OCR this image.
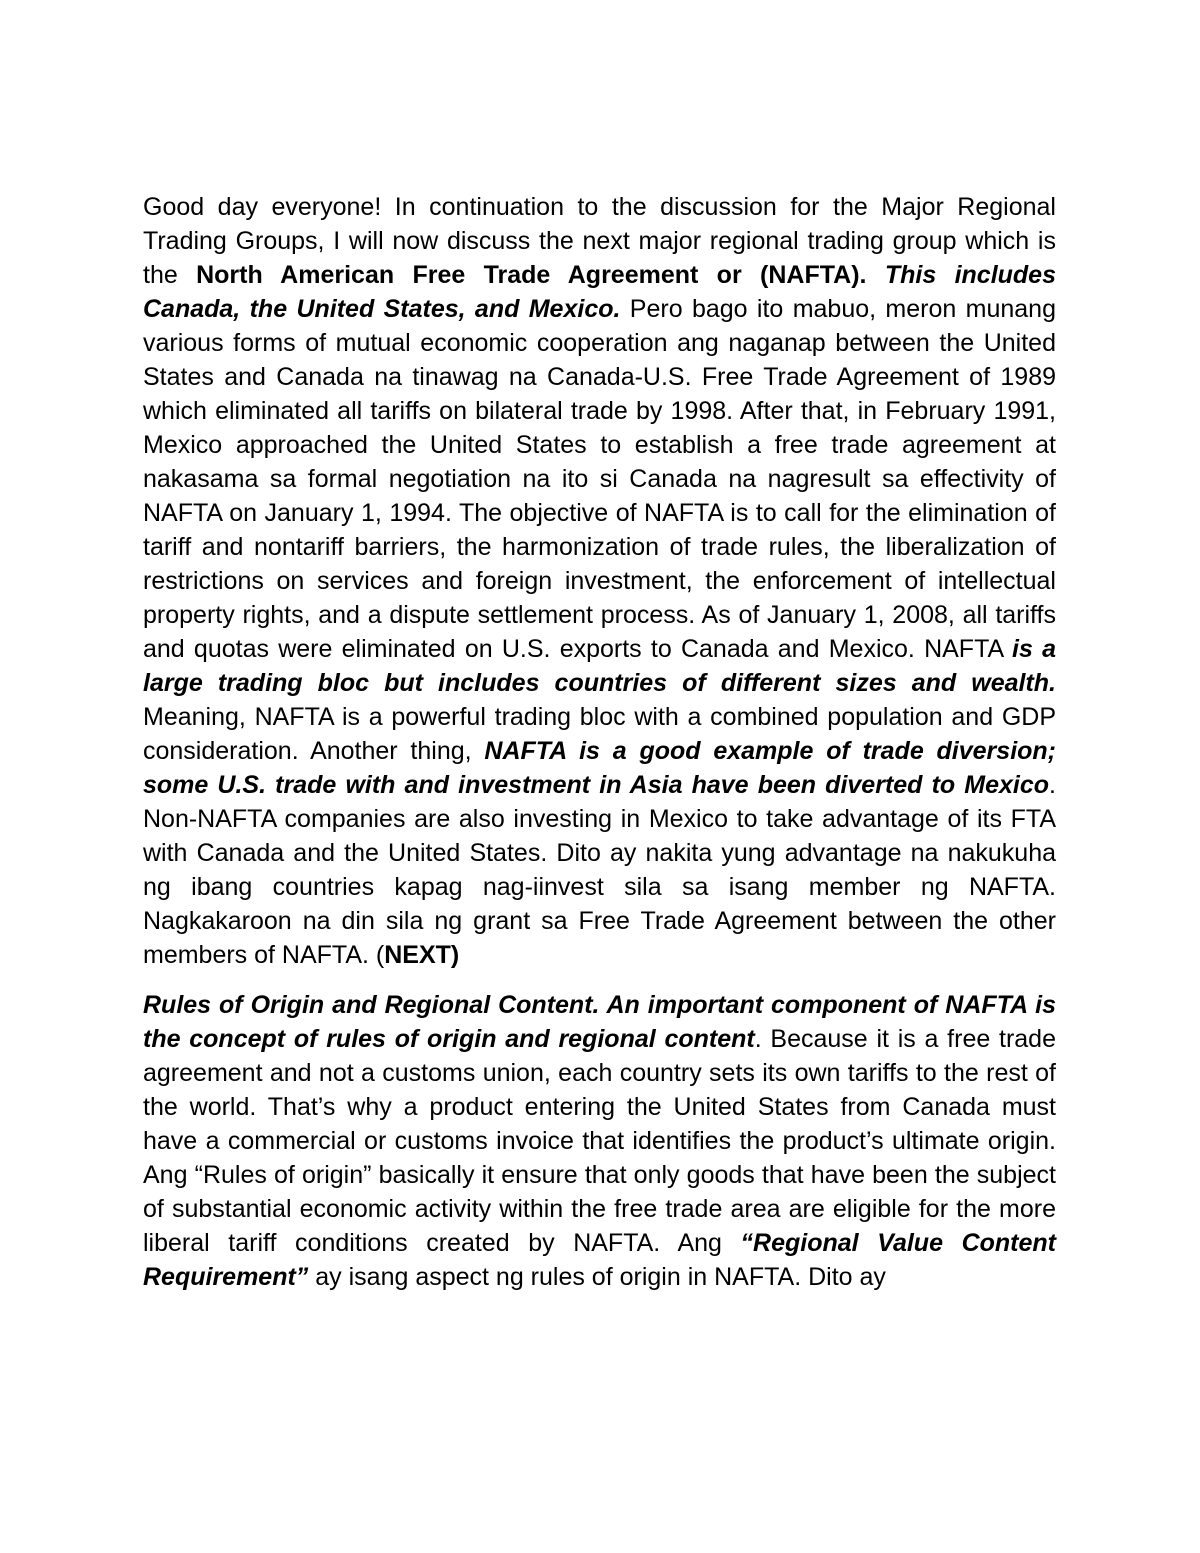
Good day everyone! In continuation to the discussion for the Major Regional Trading Groups, I will now discuss the next major regional trading group which is the North American Free Trade Agreement or (NAFTA). This includes Canada, the United States, and Mexico. Pero bago ito mabuo, meron munang various forms of mutual economic cooperation ang naganap between the United States and Canada na tinawag na Canada-U.S. Free Trade Agreement of 1989 which eliminated all tariffs on bilateral trade by 1998. After that, in February 1991, Mexico approached the United States to establish a free trade agreement at nakasama sa formal negotiation na ito si Canada na nagresult sa effectivity of NAFTA on January 1, 1994. The objective of NAFTA is to call for the elimination of tariff and nontariff barriers, the harmonization of trade rules, the liberalization of restrictions on services and foreign investment, the enforcement of intellectual property rights, and a dispute settlement process. As of January 1, 2008, all tariffs and quotas were eliminated on U.S. exports to Canada and Mexico. NAFTA is a large trading bloc but includes countries of different sizes and wealth. Meaning, NAFTA is a powerful trading bloc with a combined population and GDP consideration. Another thing, NAFTA is a good example of trade diversion; some U.S. trade with and investment in Asia have been diverted to Mexico. Non-NAFTA companies are also investing in Mexico to take advantage of its FTA with Canada and the United States. Dito ay nakita yung advantage na nakukuha ng ibang countries kapag nag-iinvest sila sa isang member ng NAFTA. Nagkakaroon na din sila ng grant sa Free Trade Agreement between the other members of NAFTA. (NEXT)

Rules of Origin and Regional Content. An important component of NAFTA is the concept of rules of origin and regional content. Because it is a free trade agreement and not a customs union, each country sets its own tariffs to the rest of the world. That’s why a product entering the United States from Canada must have a commercial or customs invoice that identifies the product’s ultimate origin. Ang “Rules of origin” basically it ensure that only goods that have been the subject of substantial economic activity within the free trade area are eligible for the more liberal tariff conditions created by NAFTA. Ang “Regional Value Content Requirement” ay isang aspect ng rules of origin in NAFTA. Dito ay
